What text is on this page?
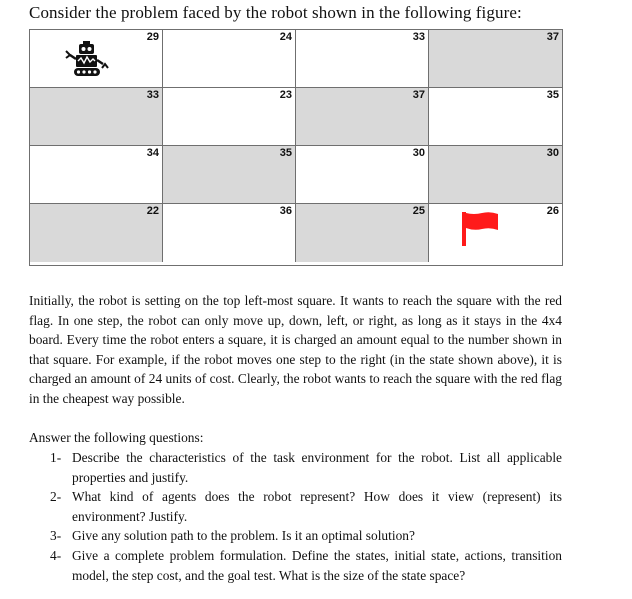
Consider the problem faced by the robot shown in the following figure:
29	24	33	37
33	23	37	35
34	35	30	30
22	36	25	26

Initially, the robot is setting on the top left-most square. It wants to reach the square with the red flag. In one step, the robot can only move up, down, left, or right, as long as it stays in the 4x4 board. Every time the robot enters a square, it is charged an amount equal to the number shown in that square. For example, if the robot moves one step to the right (in the state shown above), it is charged an amount of 24 units of cost. Clearly, the robot wants to reach the square with the red flag in the cheapest way possible.

Answer the following questions:

1- Describe the characteristics of the task environment for the robot. List all applicable properties and justify.
2- What kind of agents does the robot represent? How does it view (represent) its environment? Justify.
3- Give any solution path to the problem. Is it an optimal solution?
4- Give a complete problem formulation. Define the states, initial state, actions, transition model, the step cost, and the goal test. What is the size of the state space?
